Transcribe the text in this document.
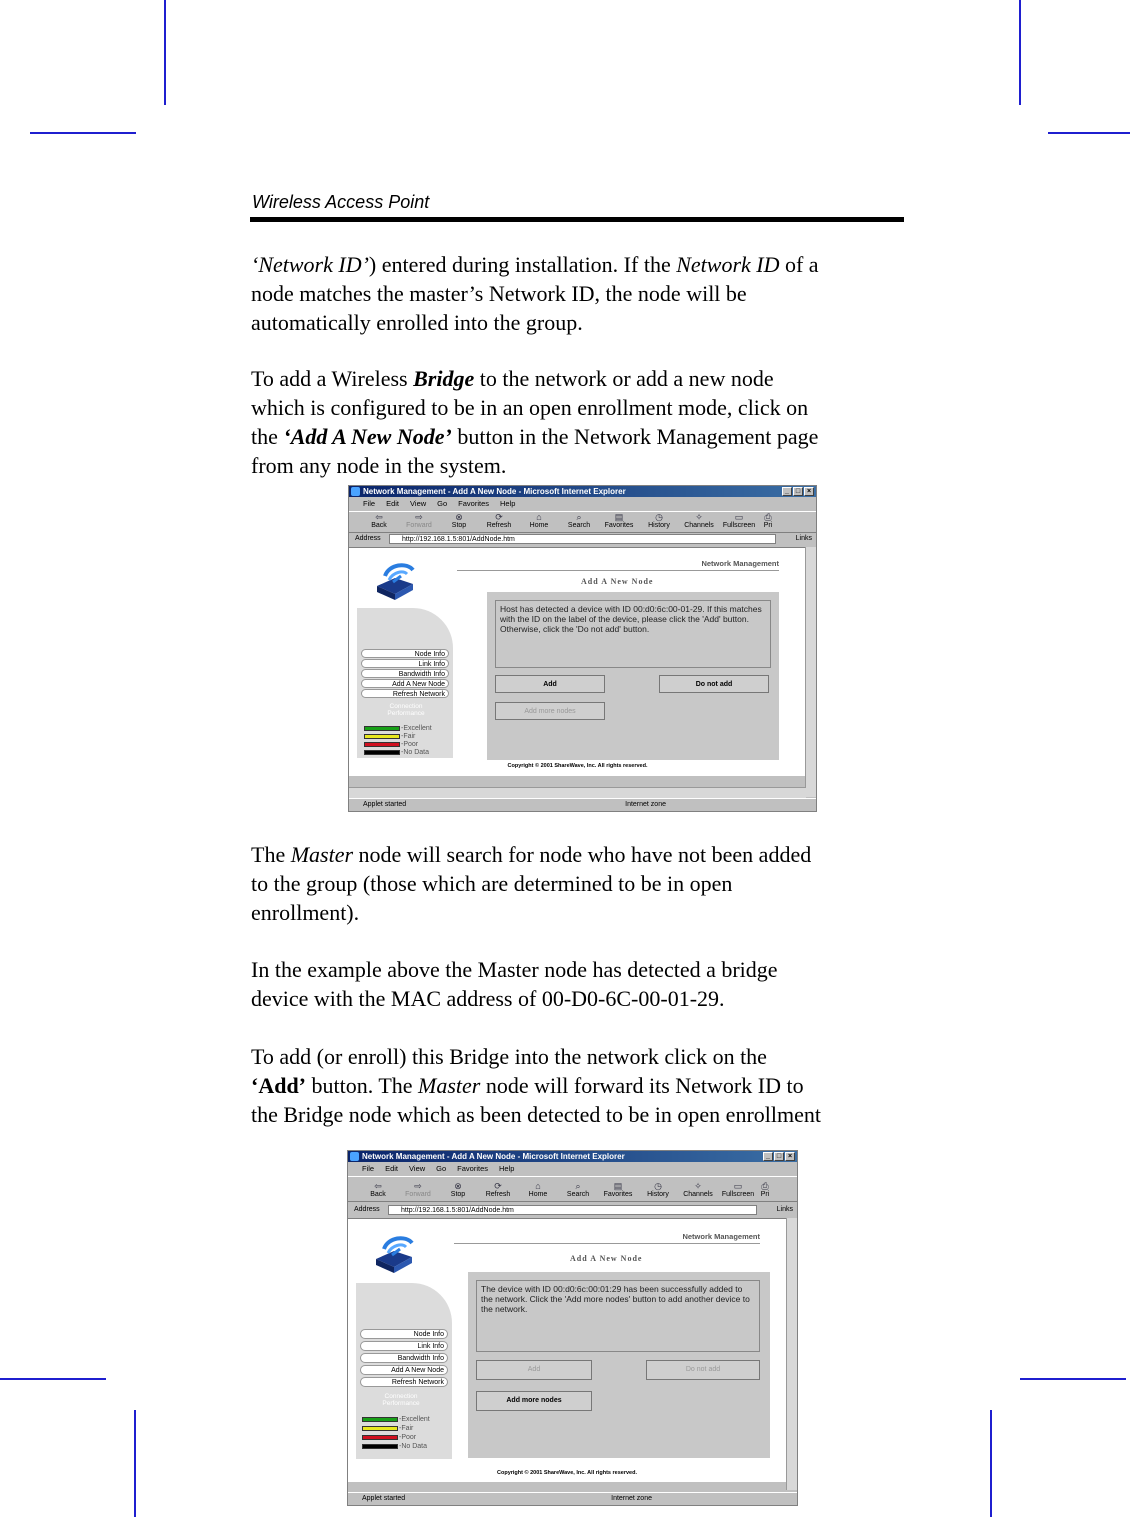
Wireless Access Point
‘Network ID’) entered during installation. If the Network ID of a
node matches the master’s Network ID, the node will be
automatically enrolled into the group.
To add a Wireless Bridge to the network or add a new node
which is configured to be in an open enrollment mode, click on
the ‘Add A New Node’ button in the Network Management page
from any node in the system.
Network Management - Add A New Node - Microsoft Internet Explorer	_ □ ×
File Edit View Go Favorites Help
⇦
Back
⇨
Forward
⊗
Stop
⟳
Refresh
⌂
Home
⌕
Search
▤
Favorites
◷
History
✧
Channels
▭
Fullscreen
⎙
Pri
Address	http://192.168.1.5:801/AddNode.htm	Links
Node Info
Link Info
Bandwidth Info
Add A New Node
Refresh Network
Connection Performance
-Excellent
-Fair
-Poor
-No Data
Network Management
Add A New Node
Host has detected a device with ID 00:d0:6c:00-01-29. If this matches with the ID on the label of the device, please click the 'Add' button. Otherwise, click the 'Do not add' button.
Add	Do not add
Add more nodes
Copyright © 2001 ShareWave, Inc. All rights reserved.
Applet started	Internet zone
The Master node will search for node who have not been added
to the group (those which are determined to be in open
enrollment).
In the example above the Master node has detected a bridge
device with the MAC address of 00-D0-6C-00-01-29.
To add (or enroll) this Bridge into the network click on the
‘Add’ button. The Master node will forward its Network ID to
the Bridge node which as been detected to be in open enrollment
Network Management - Add A New Node - Microsoft Internet Explorer	_ □ ×
File Edit View Go Favorites Help
⇦
Back
⇨
Forward
⊗
Stop
⟳
Refresh
⌂
Home
⌕
Search
▤
Favorites
◷
History
✧
Channels
▭
Fullscreen
⎙
Pri
Address	http://192.168.1.5:801/AddNode.htm	Links
Node Info
Link Info
Bandwidth Info
Add A New Node
Refresh Network
Connection Performance
-Excellent
-Fair
-Poor
-No Data
Network Management
Add A New Node
The device with ID 00:d0:6c:00:01:29 has been successfully added to the network. Click the 'Add more nodes' button to add another device to the network.
Add	Do not add
Add more nodes
Copyright © 2001 ShareWave, Inc. All rights reserved.
Applet started	Internet zone
